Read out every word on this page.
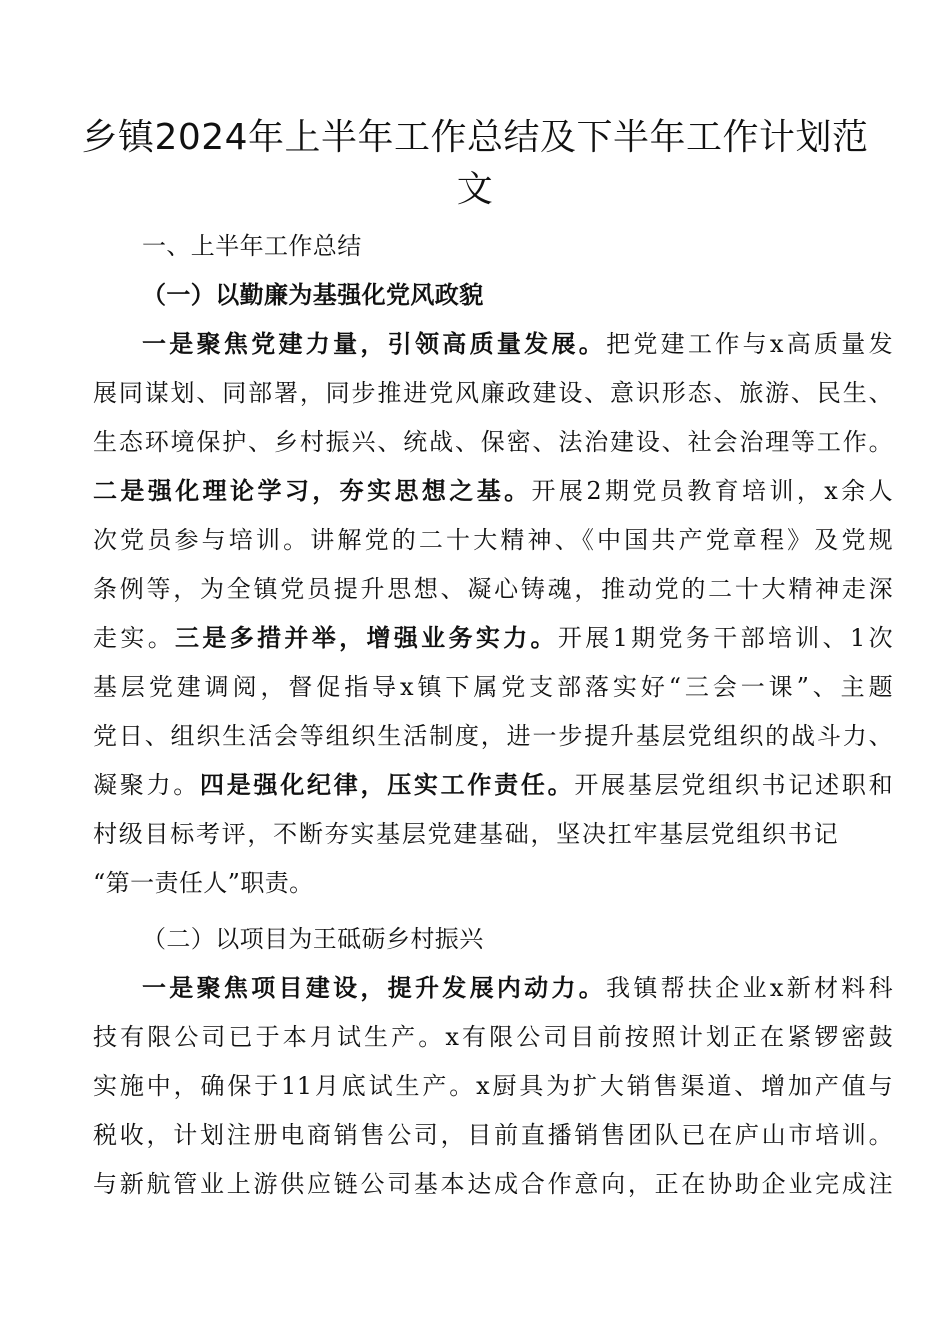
乡镇2024年上半年工作总结及下半年工作计划范
文
一、上半年工作总结
（一）以勤廉为基强化党风政貌
一是聚焦党建力量，引领高质量发展。把党建工作与x高质量发
展同谋划、同部署，同步推进党风廉政建设、意识形态、旅游、民生、
生态环境保护、乡村振兴、统战、保密、法治建设、社会治理等工作。
二是强化理论学习，夯实思想之基。开展2期党员教育培训，x余人
次党员参与培训。讲解党的二十大精神、《中国共产党章程》及党规
条例等，为全镇党员提升思想、凝心铸魂，推动党的二十大精神走深
走实。三是多措并举，增强业务实力。开展1期党务干部培训、1次
基层党建调阅，督促指导x镇下属党支部落实好“三会一课”、主题
党日、组织生活会等组织生活制度，进一步提升基层党组织的战斗力、
凝聚力。四是强化纪律，压实工作责任。开展基层党组织书记述职和
村级目标考评，不断夯实基层党建基础，坚决扛牢基层党组织书记
“第一责任人”职责。
（二）以项目为王砥砺乡村振兴
一是聚焦项目建设，提升发展内动力。我镇帮扶企业x新材料科
技有限公司已于本月试生产。x有限公司目前按照计划正在紧锣密鼓
实施中，确保于11月底试生产。x厨具为扩大销售渠道、增加产值与
税收，计划注册电商销售公司，目前直播销售团队已在庐山市培训。
与新航管业上游供应链公司基本达成合作意向，正在协助企业完成注
